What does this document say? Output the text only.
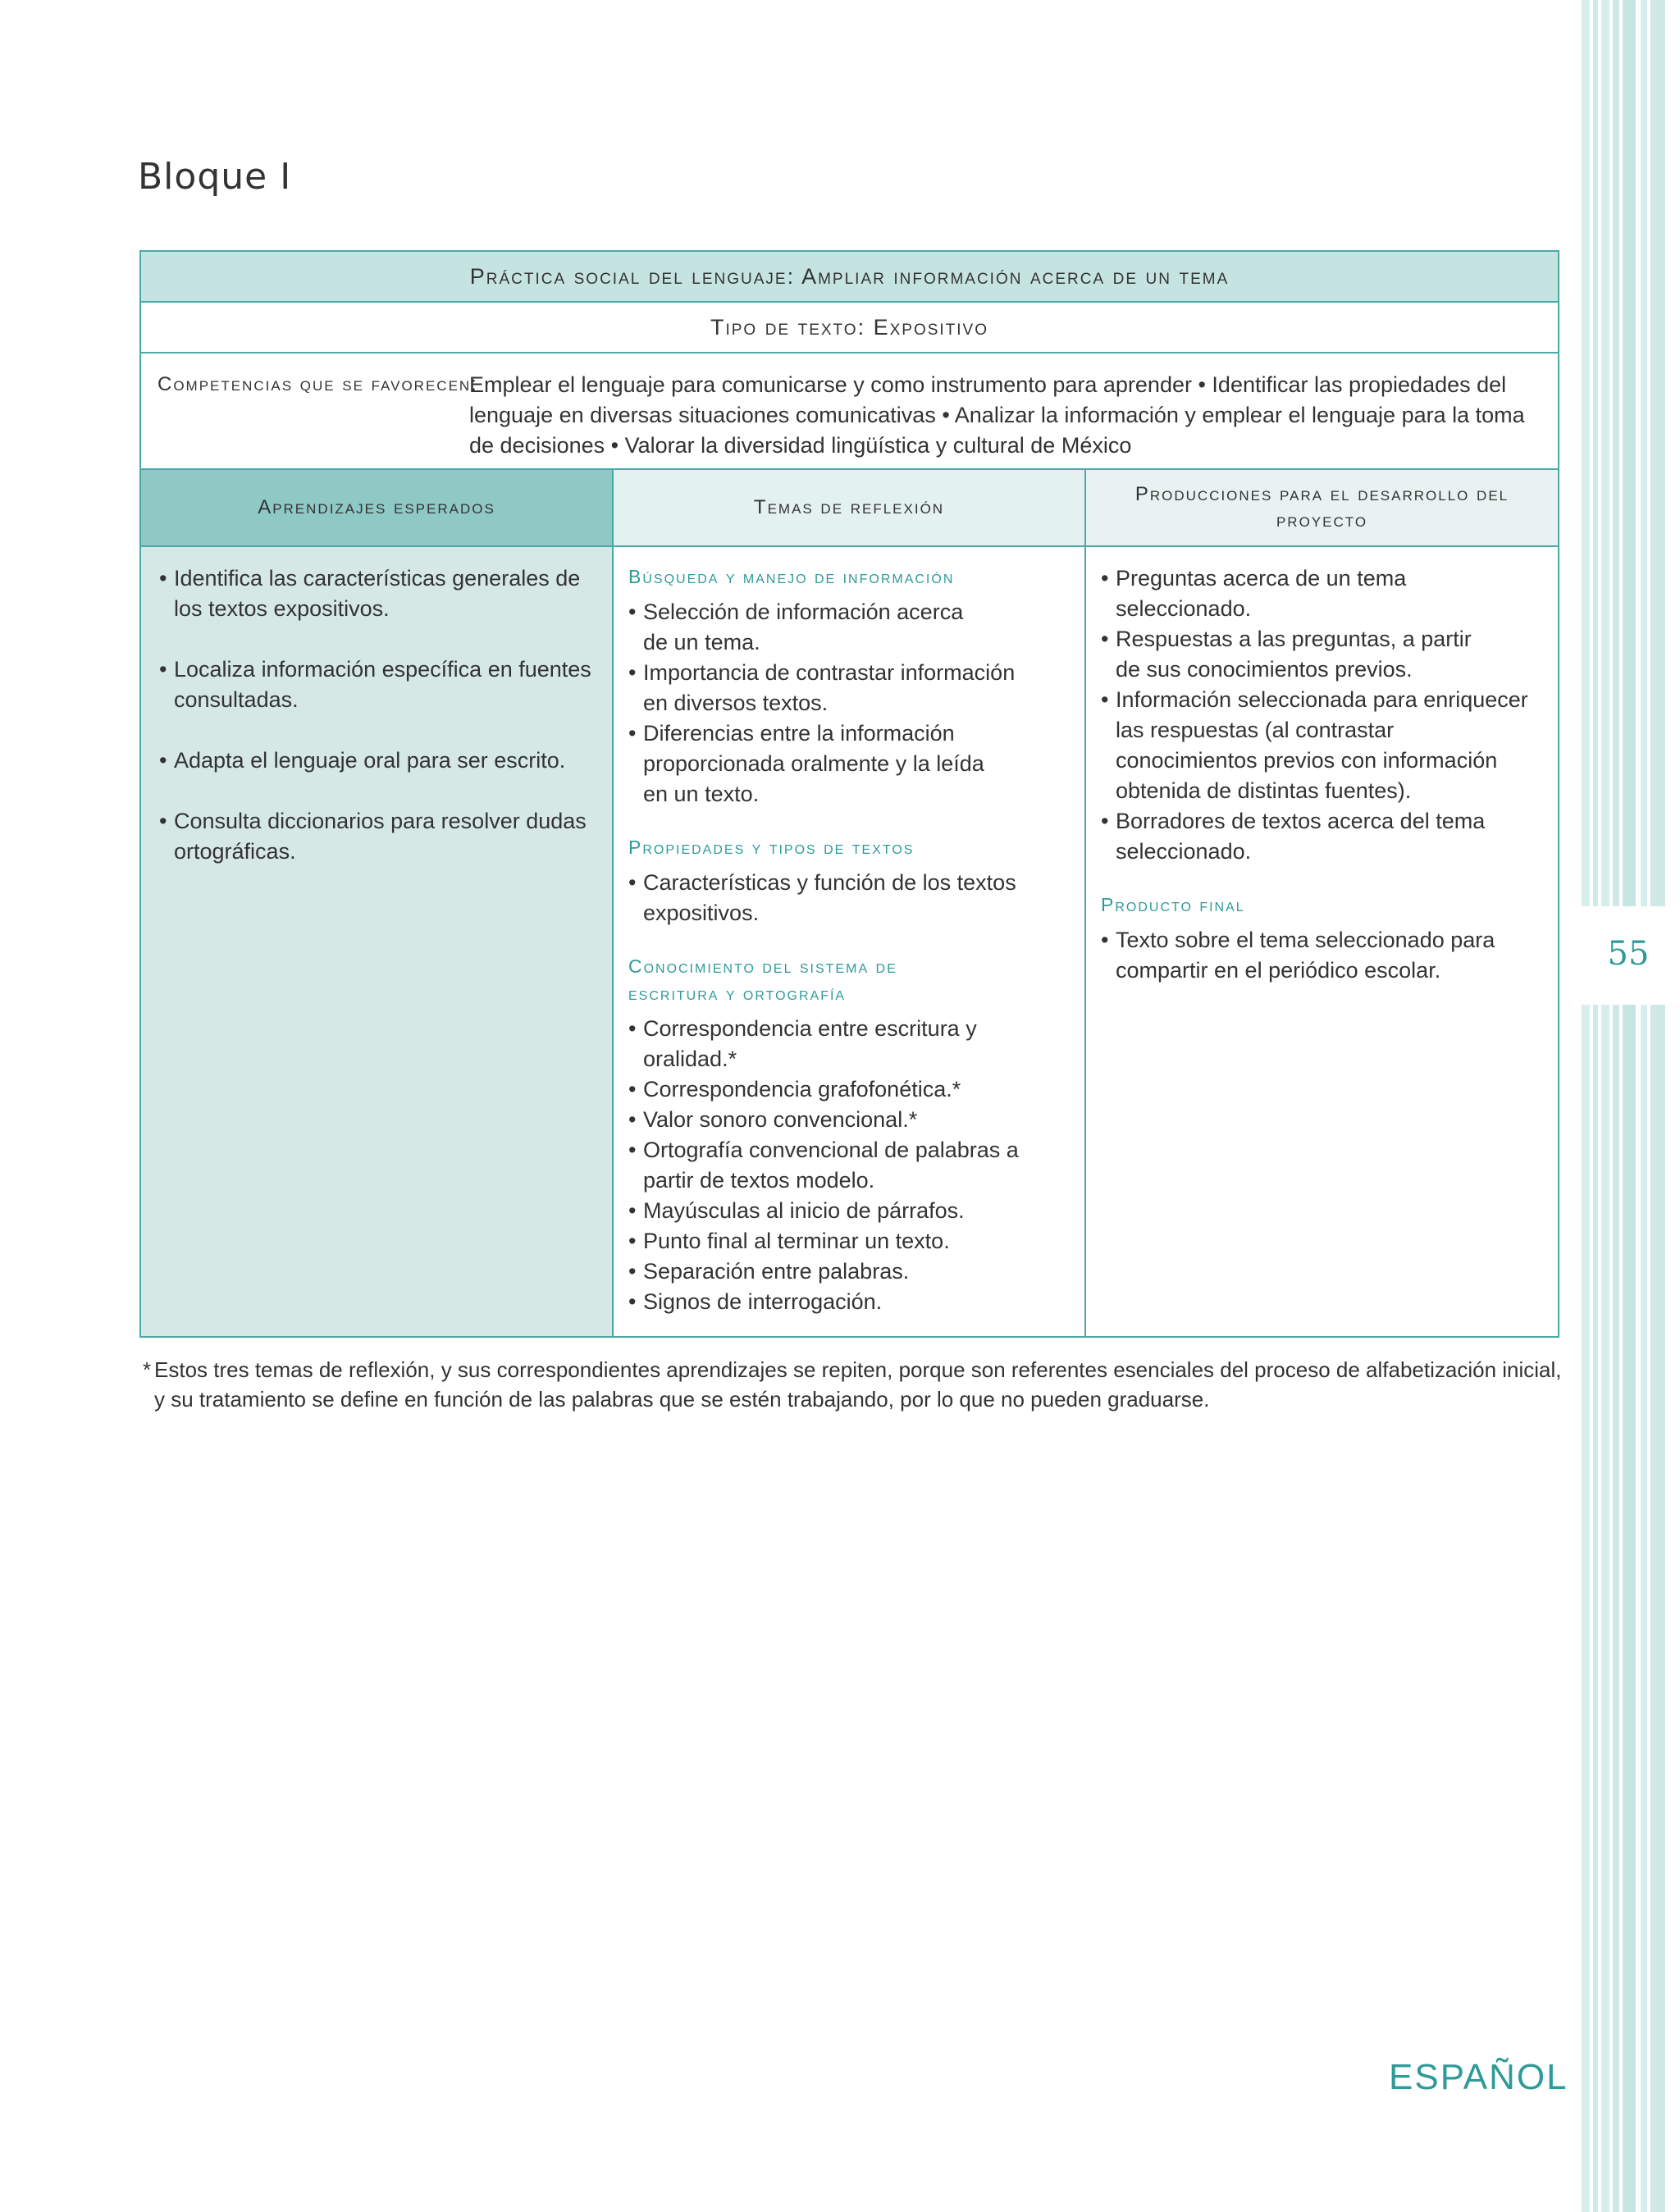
55
Bloque I
Práctica social del lenguaje: Ampliar información acerca de un tema
Tipo de texto: Expositivo
Competencias que se favorecen:
Emplear el lenguaje para comunicarse y como instrumento para aprender • Identificar las propiedades del lenguaje en diversas situaciones comunicativas • Analizar la información y emplear el lenguaje para la toma de decisiones • Valorar la diversidad lingüística y cultural de México
Aprendizajes esperados	Temas de reflexión
Producciones para el desarrollo del proyecto
• Identifica las características generales de los textos expositivos.
• Localiza información específica en fuentes consultadas.
• Adapta el lenguaje oral para ser escrito.
• Consulta diccionarios para resolver dudas ortográficas.
Búsqueda y manejo de información
• Selección de información acerca de un tema.
• Importancia de contrastar información en diversos textos.
• Diferencias entre la información proporcionada oralmente y la leída en un texto.
Propiedades y tipos de textos
• Características y función de los textos expositivos.
Conocimiento del sistema de escritura y ortografía
• Correspondencia entre escritura y oralidad.*
• Correspondencia grafofonética.*
• Valor sonoro convencional.*
• Ortografía convencional de palabras a partir de textos modelo.
• Mayúsculas al inicio de párrafos.
• Punto final al terminar un texto.
• Separación entre palabras.
• Signos de interrogación.
• Preguntas acerca de un tema seleccionado.
• Respuestas a las preguntas, a partir de sus conocimientos previos.
• Información seleccionada para enriquecer las respuestas (al contrastar conocimientos previos con información obtenida de distintas fuentes).
• Borradores de textos acerca del tema seleccionado.
Producto final
• Texto sobre el tema seleccionado para compartir en el periódico escolar.
* Estos tres temas de reflexión, y sus correspondientes aprendizajes se repiten, porque son referentes esenciales del proceso de alfabetización inicial, y su tratamiento se define en función de las palabras que se estén trabajando, por lo que no pueden graduarse.
ESPAÑOL
